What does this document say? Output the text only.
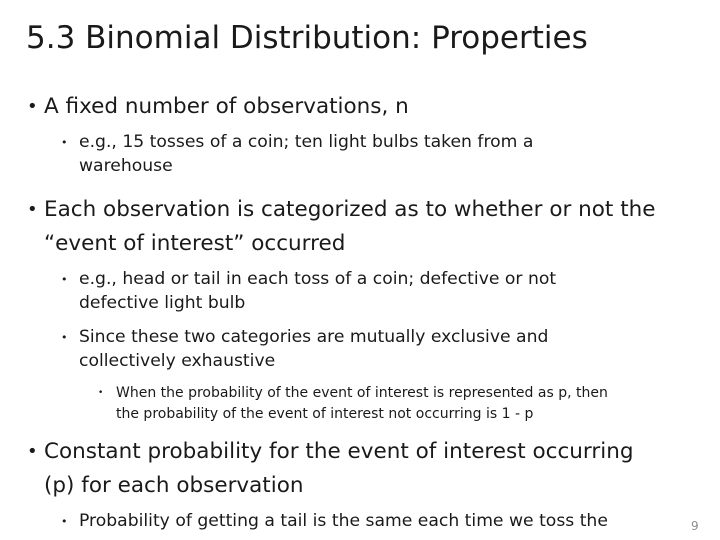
5.3 Binomial Distribution: Properties
• A fixed number of observations, n
• e.g., 15 tosses of a coin; ten light bulbs taken from a
warehouse
• Each observation is categorized as to whether or not the
“event of interest” occurred
• e.g., head or tail in each toss of a coin; defective or not
defective light bulb
• Since these two categories are mutually exclusive and
collectively exhaustive
• When the probability of the event of interest is represented as p, then
the probability of the event of interest not occurring is 1 - p
• Constant probability for the event of interest occurring
(p) for each observation
• Probability of getting a tail is the same each time we toss the	9
